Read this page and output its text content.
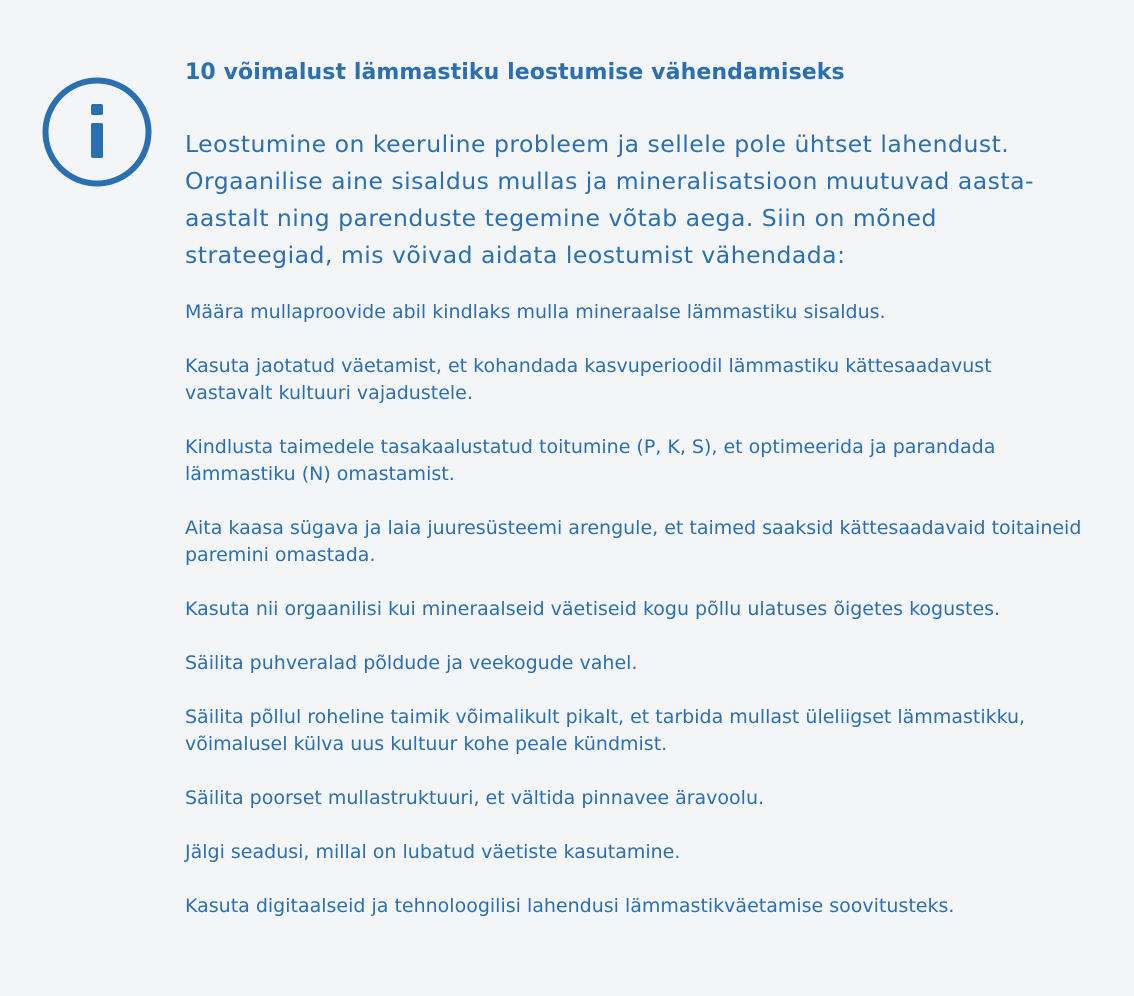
10 võimalust lämmastiku leostumise vähendamiseks

Leostumine on keeruline probleem ja sellele pole ühtset lahendust. Orgaanilise aine sisaldus mullas ja mineralisatsioon muutuvad aasta-aastalt ning parenduste tegemine võtab aega. Siin on mõned strateegiad, mis võivad aidata leostumist vähendada:

Määra mullaproovide abil kindlaks mulla mineraalse lämmastiku sisaldus.
Kasuta jaotatud väetamist, et kohandada kasvuperioodil lämmastiku kättesaadavust vastavalt kultuuri vajadustele.
Kindlusta taimedele tasakaalustatud toitumine (P, K, S), et optimeerida ja parandada lämmastiku (N) omastamist.
Aita kaasa sügava ja laia juuresüsteemi arengule, et taimed saaksid kättesaadavaid toitaineid paremini omastada.
Kasuta nii orgaanilisi kui mineraalseid väetiseid kogu põllu ulatuses õigetes kogustes.
Säilita puhveralad põldude ja veekogude vahel.
Säilita põllul roheline taimik võimalikult pikalt, et tarbida mullast üleliigset lämmastikku, võimalusel külva uus kultuur kohe peale kündmist.
Säilita poorset mullastruktuuri, et vältida pinnavee äravoolu.
Jälgi seadusi, millal on lubatud väetiste kasutamine.
Kasuta digitaalseid ja tehnoloogilisi lahendusi lämmastikväetamise soovitusteks.
